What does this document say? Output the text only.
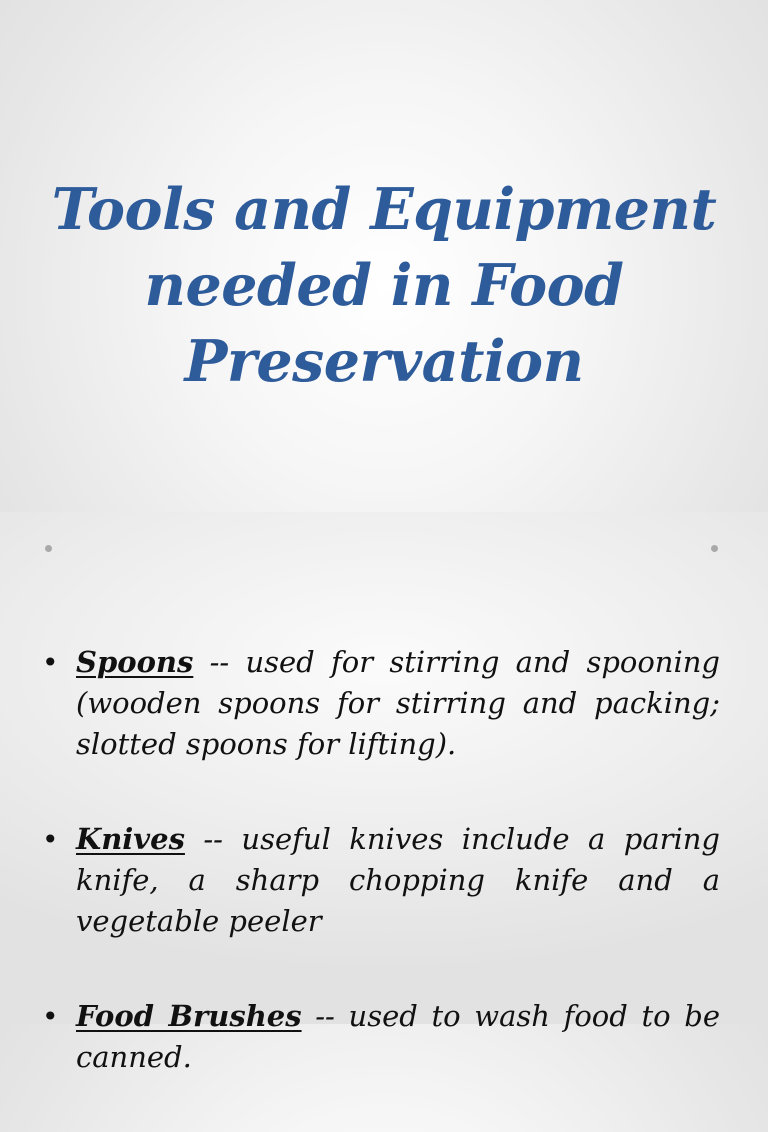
Tools and Equipment
needed in Food
Preservation
• Spoons -- used for stirring and spooning (wooden spoons for stirring and packing; slotted spoons for lifting).
• Knives -- useful knives include a paring knife, a sharp chopping knife and a vegetable peeler
• Food Brushes -- used to wash food to be canned.
